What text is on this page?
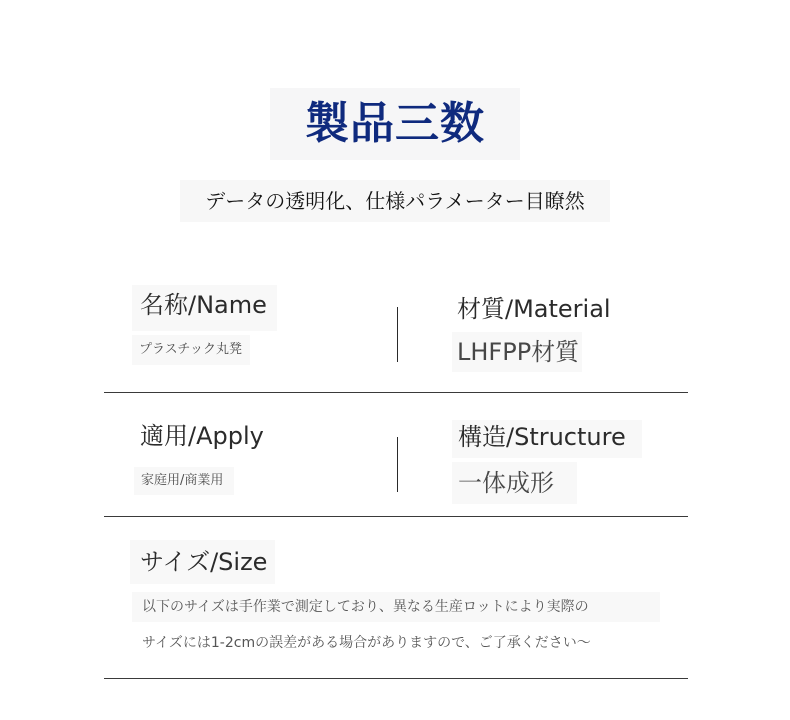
製品三数
データの透明化、仕様パラメーター目瞭然
名称/Name
プラスチック丸凳
材質/Material
LHFPP材質
適用/Apply
家庭用/商業用
構造/Structure
一体成形
サイズ/Size
以下のサイズは手作業で測定しており、異なる生産ロットにより実際の
サイズには1-2cmの誤差がある場合がありますので、ご了承ください～
